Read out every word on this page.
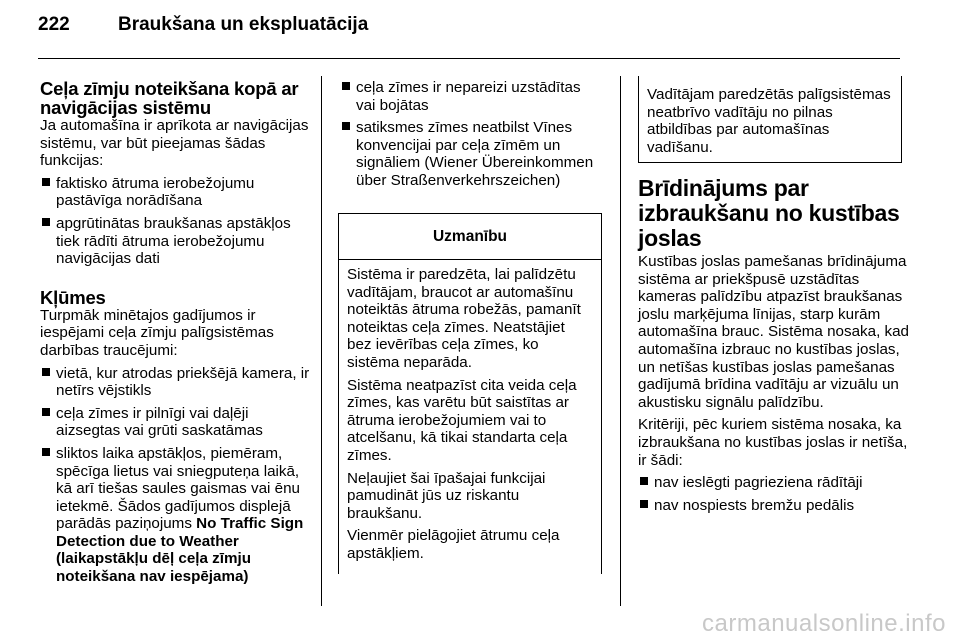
222	Braukšana un ekspluatācija
Ceļa zīmju noteikšana kopā ar navigācijas sistēmu

Ja automašīna ir aprīkota ar navigācijas sistēmu, var būt pieejamas šādas funkcijas:

faktisko ātruma ierobežojumu pastāvīga norādīšana
apgrūtinātas braukšanas apstākļos tiek rādīti ātruma ierobežojumu navigācijas dati
Kļūmes

Turpmāk minētajos gadījumos ir iespējami ceļa zīmju palīgsistēmas darbības traucējumi:

vietā, kur atrodas priekšējā kamera, ir netīrs vējstikls
ceļa zīmes ir pilnīgi vai daļēji aizsegtas vai grūti saskatāmas
sliktos laika apstākļos, piemēram, spēcīga lietus vai sniegputeņa laikā, kā arī tiešas saules gaismas vai ēnu ietekmē. Šādos gadījumos displejā parādās paziņojums No Traffic Sign Detection due to Weather (laikapstākļu dēļ ceļa zīmju noteikšana nav iespējama)
ceļa zīmes ir nepareizi uzstādītas vai bojātas
satiksmes zīmes neatbilst Vīnes konvencijai par ceļa zīmēm un signāliem (Wiener Übereinkommen über Straßenverkehrszeichen)
Uzmanību

Sistēma ir paredzēta, lai palīdzētu vadītājam, braucot ar automašīnu noteiktās ātruma robežās, pamanīt noteiktas ceļa zīmes. Neatstājiet bez ievērības ceļa zīmes, ko sistēma neparāda.

Sistēma neatpazīst cita veida ceļa zīmes, kas varētu būt saistītas ar ātruma ierobežojumiem vai to atcelšanu, kā tikai standarta ceļa zīmes.

Neļaujiet šai īpašajai funkcijai pamudināt jūs uz riskantu braukšanu.

Vienmēr pielāgojiet ātrumu ceļa apstākļiem.

Vadītājam paredzētās palīgsistēmas neatbrīvo vadītāju no pilnas atbildības par automašīnas vadīšanu.
Brīdinājums par izbraukšanu no kustības joslas

Kustības joslas pamešanas brīdinājuma sistēma ar priekšpusē uzstādītas kameras palīdzību atpazīst braukšanas joslu marķējuma līnijas, starp kurām automašīna brauc. Sistēma nosaka, kad automašīna izbrauc no kustības joslas, un netīšas kustības joslas pamešanas gadījumā brīdina vadītāju ar vizuālu un akustisku signālu palīdzību.

Kritēriji, pēc kuriem sistēma nosaka, ka izbraukšana no kustības joslas ir netīša, ir šādi:

nav ieslēgti pagrieziena rādītāji
nav nospiests bremžu pedālis
carmanualsonline.info
